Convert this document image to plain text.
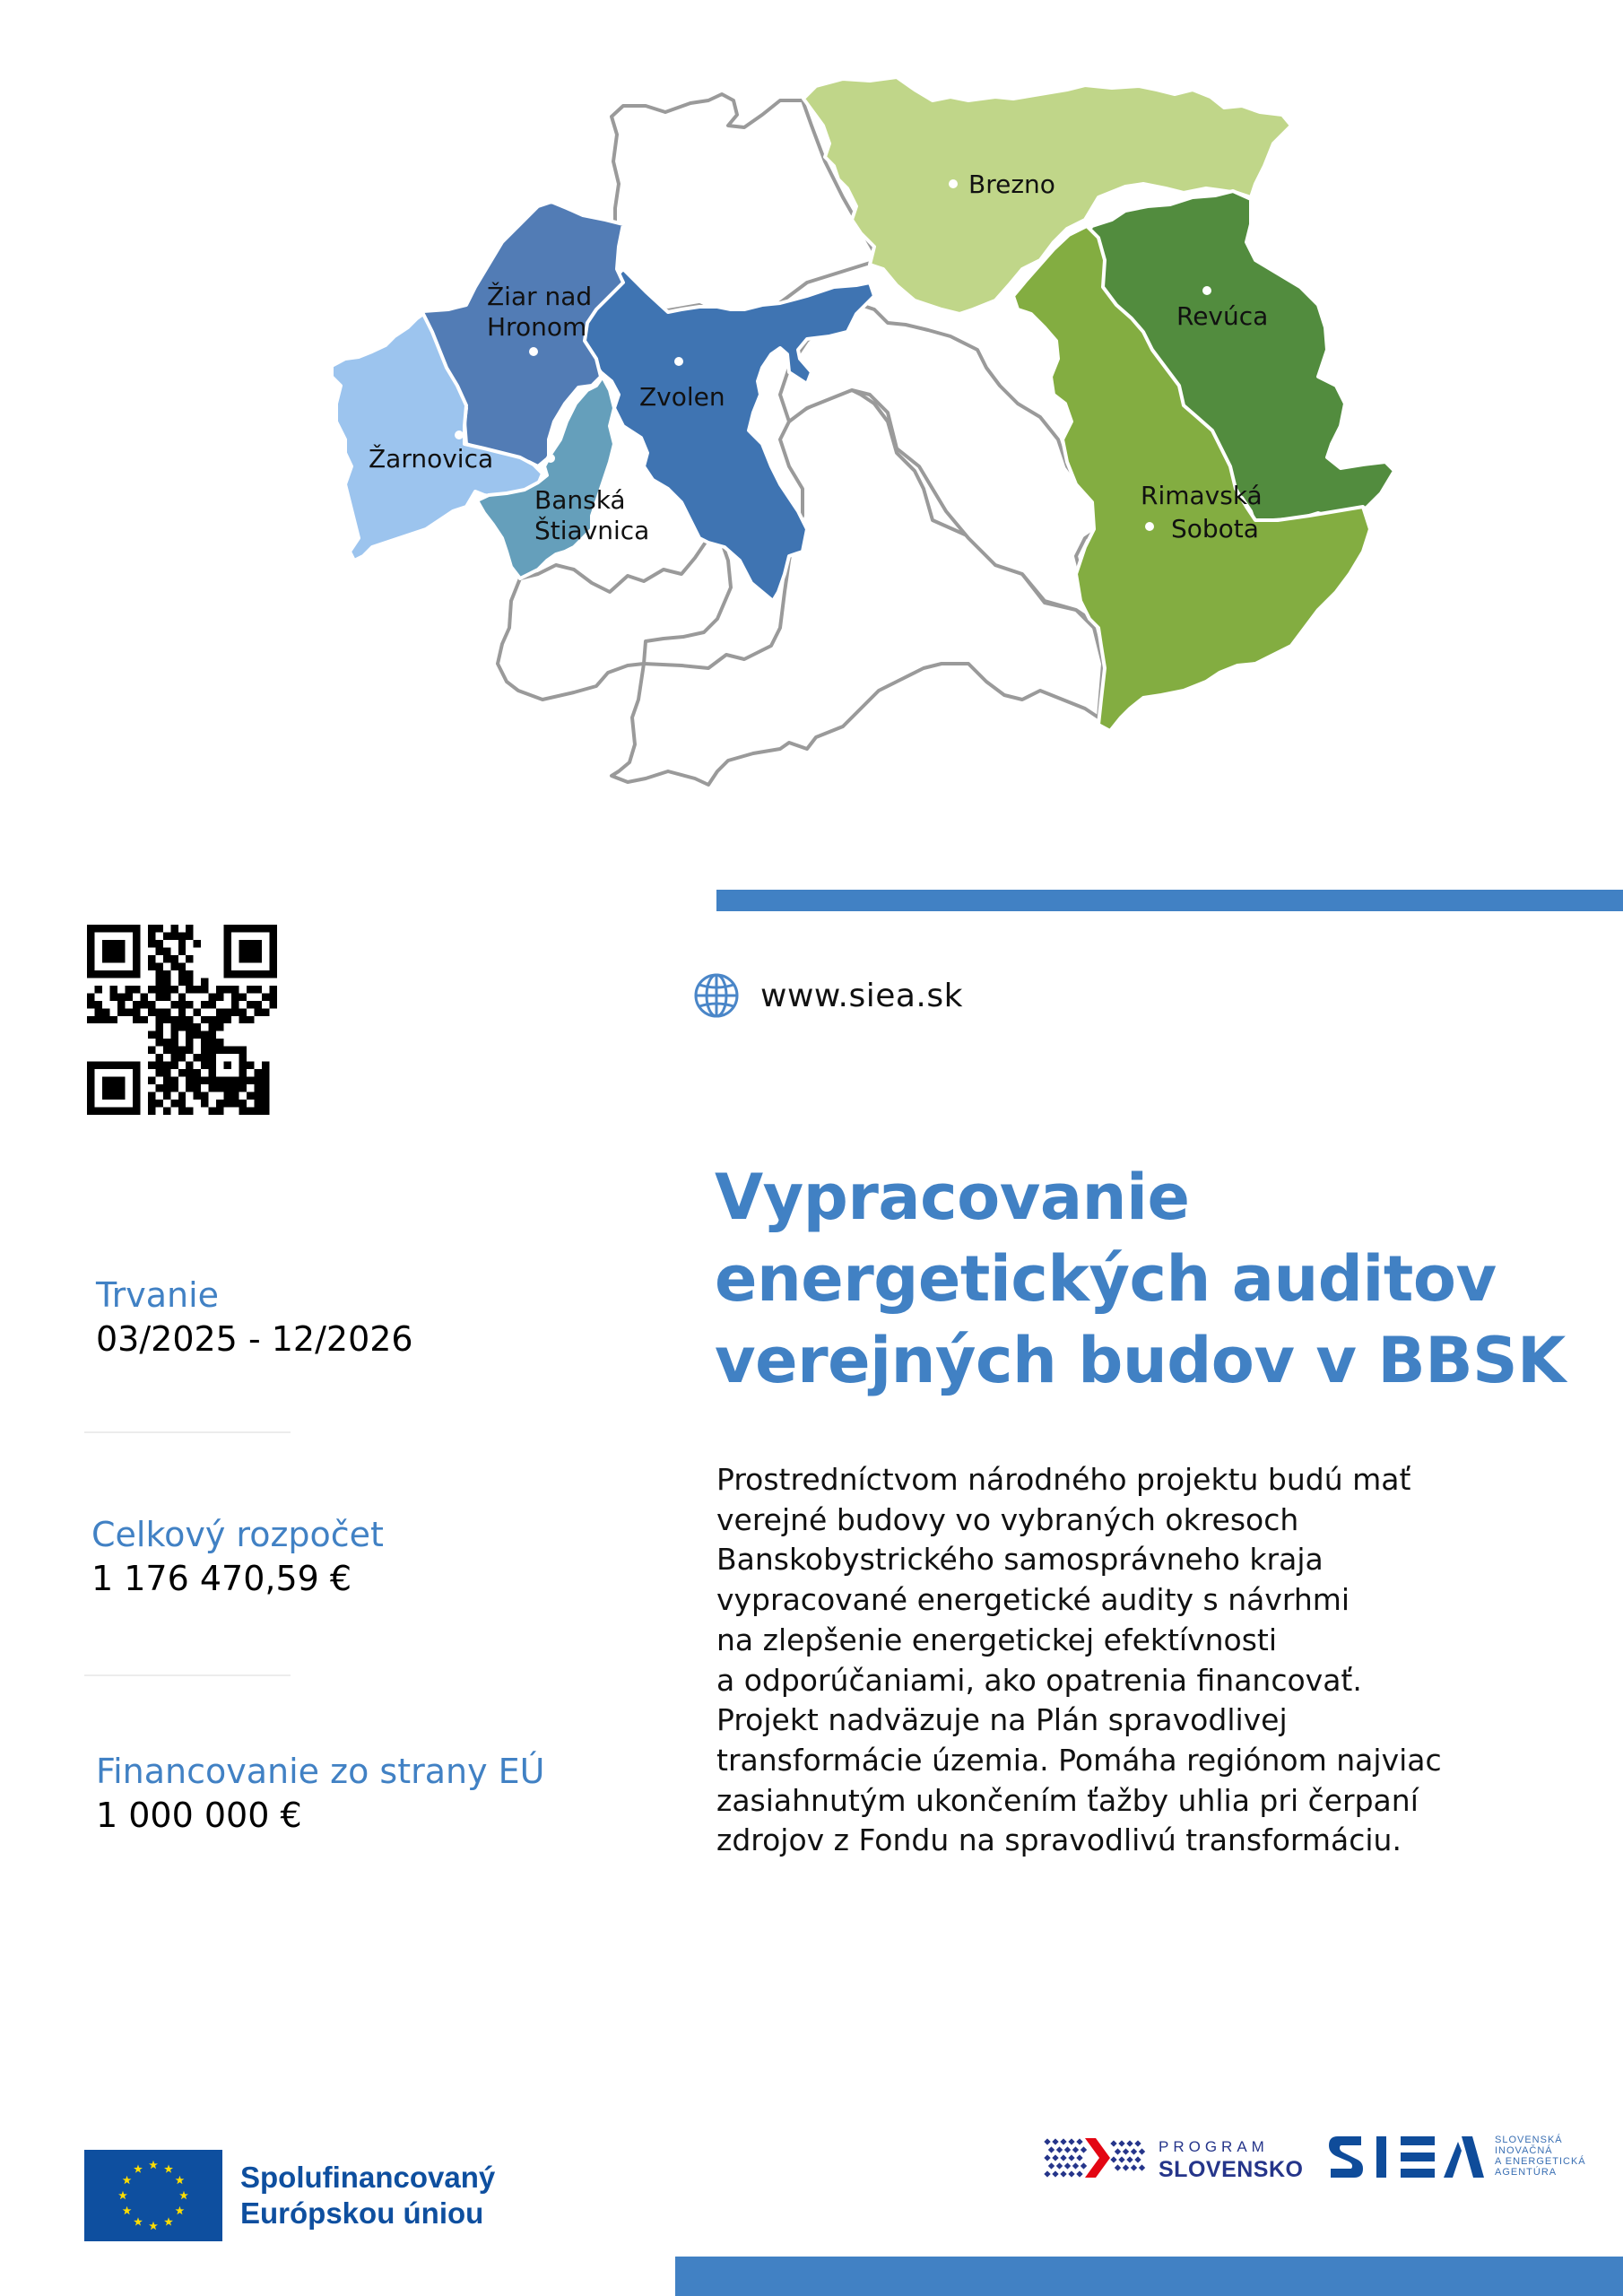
Brezno
Revúca
Rimavská
Sobota
Zvolen
Žiar nad
Hronom
Žarnovica
Banská
Štiavnica
www.siea.sk
Vypracovanie
energetických auditov
verejných budov v BBSK
Prostredníctvom národného projektu budú mať
verejné budovy vo vybraných okresoch
Banskobystrického samosprávneho kraja
vypracované energetické audity s návrhmi
na zlepšenie energetickej efektívnosti
a odporúčaniami, ako opatrenia financovať.
Projekt nadväzuje na Plán spravodlivej
transformácie územia. Pomáha regiónom najviac
zasiahnutým ukončením ťažby uhlia pri čerpaní
zdrojov z Fondu na spravodlivú transformáciu.
Trvanie
03/2025 - 12/2026
Celkový rozpočet
1 176 470,59 €
Financovanie zo strany EÚ
1 000 000 €
Spolufinancovaný
Európskou úniou
PROGRAM
SLOVENSKO
SLOVENSKÁ
INOVAČNÁ
A ENERGETICKÁ
AGENTÚRA
